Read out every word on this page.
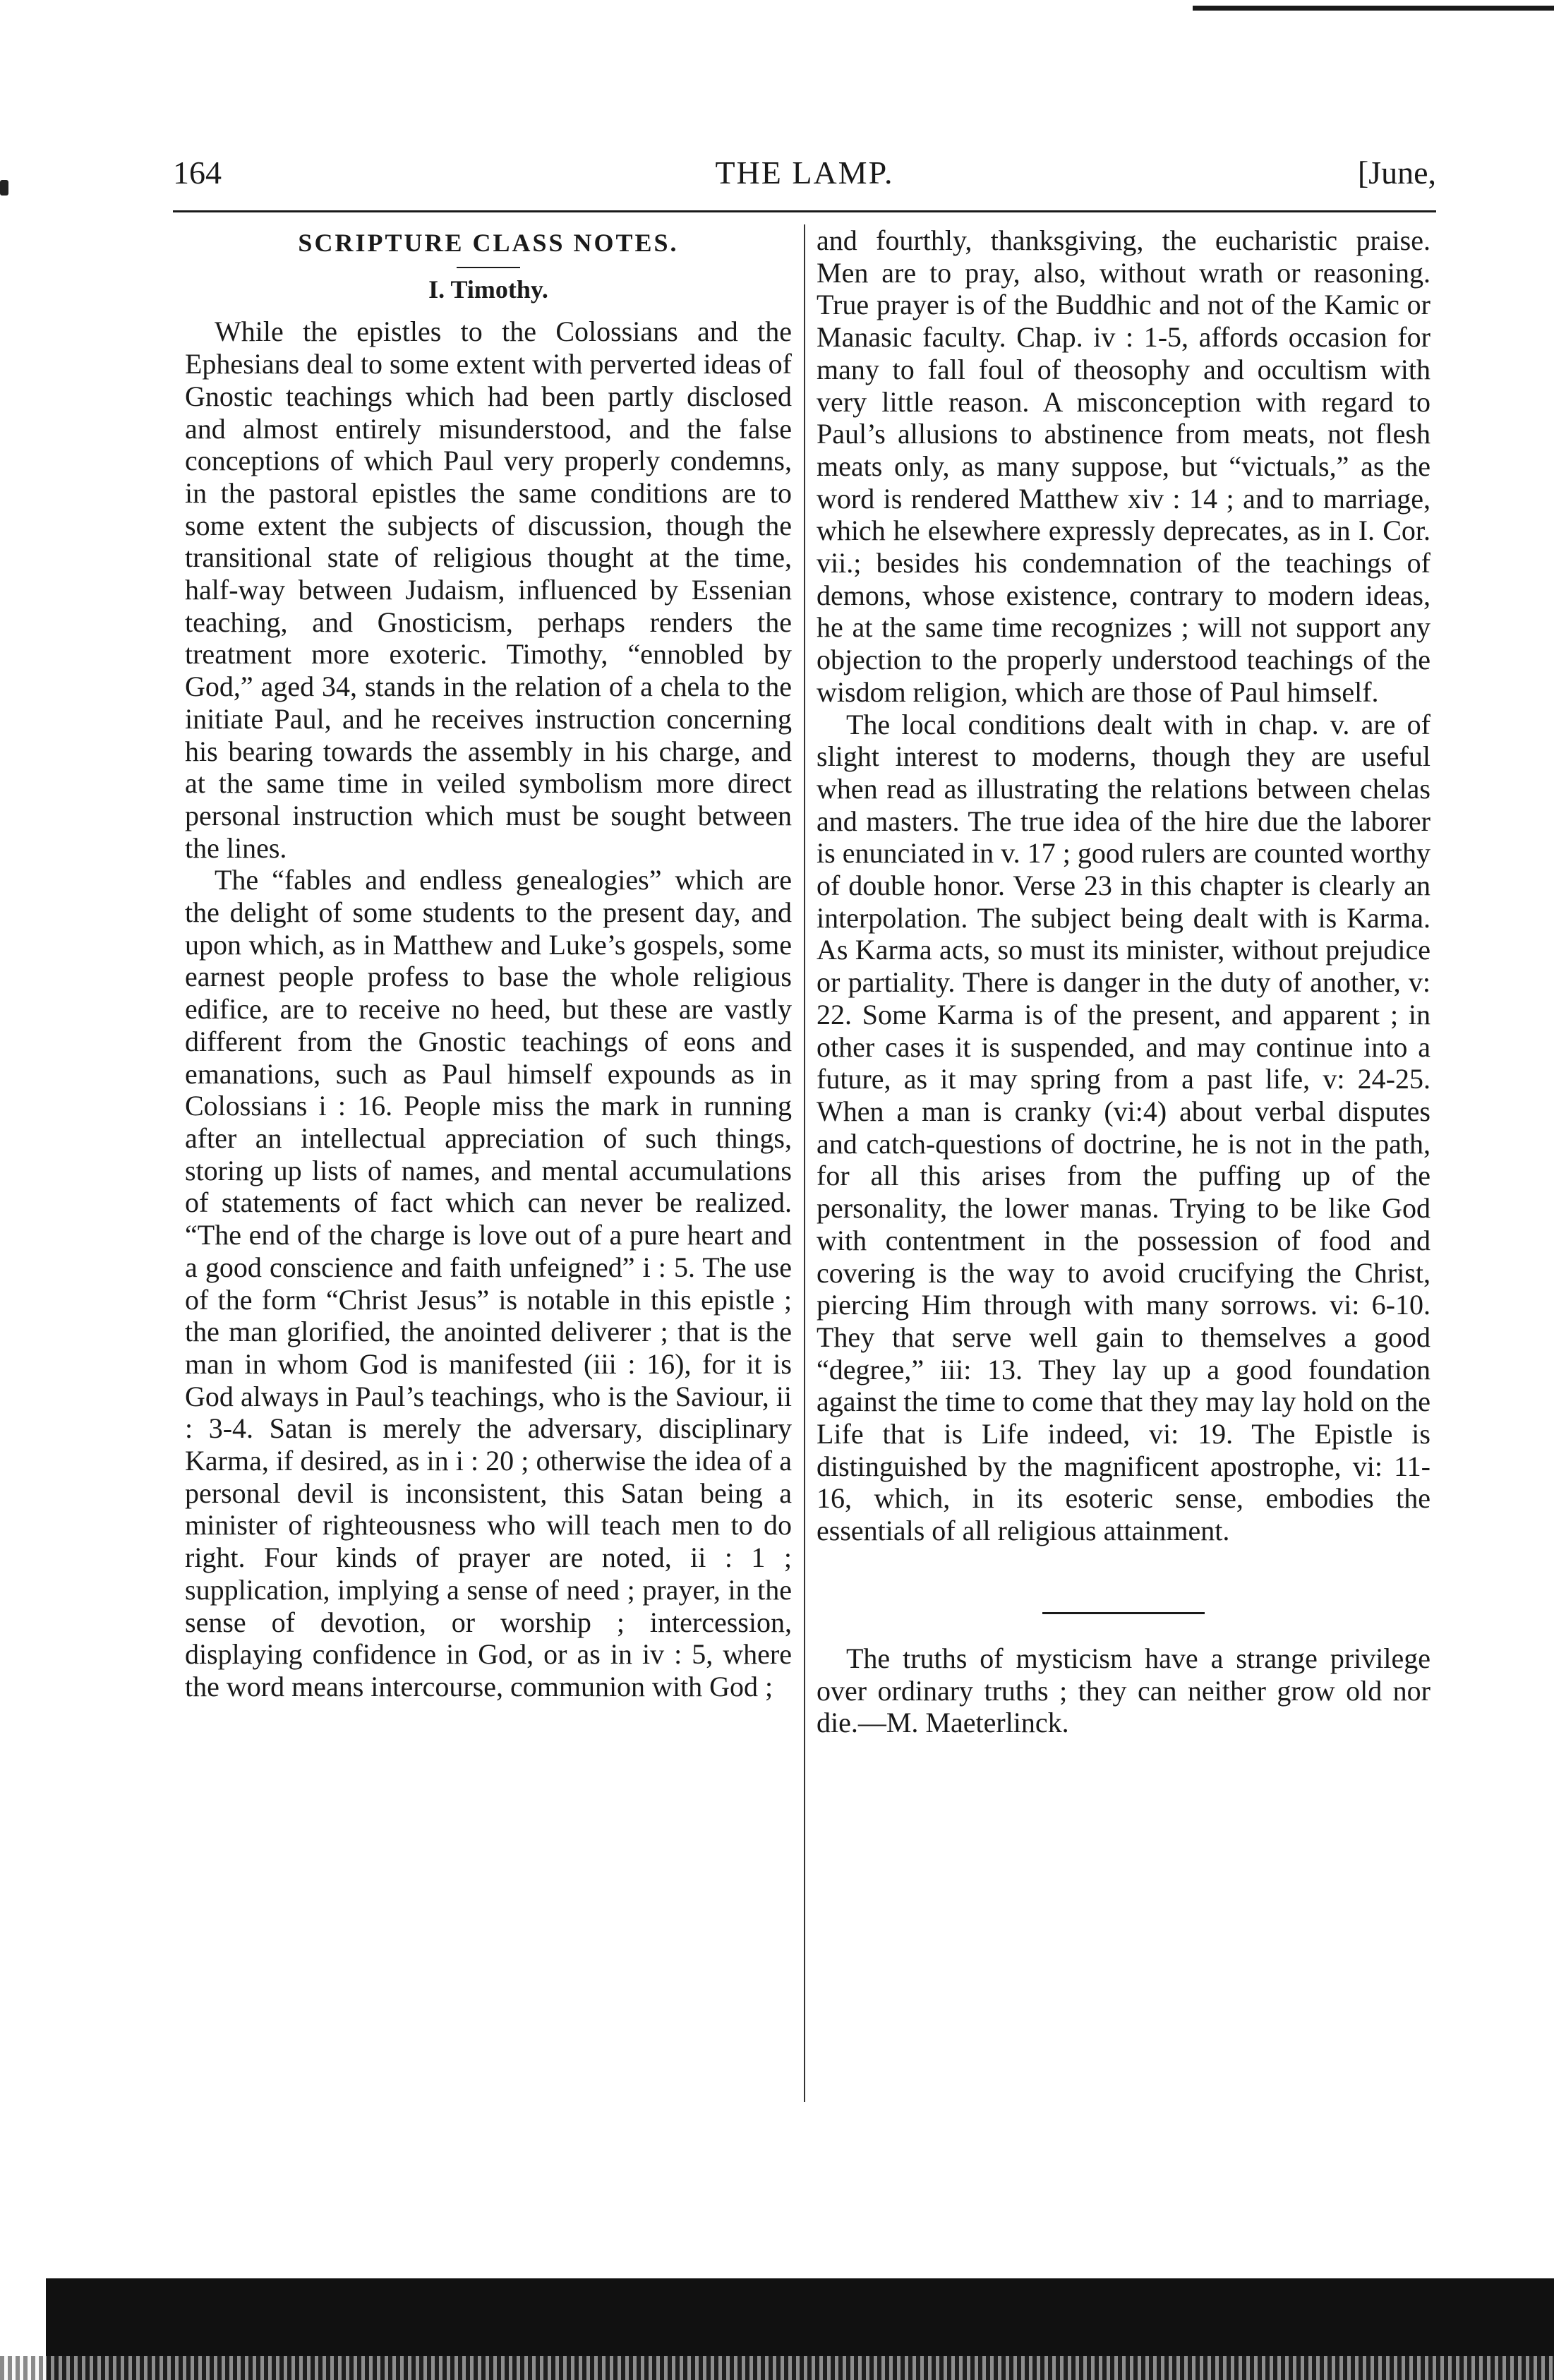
164	THE LAMP.	[June,
SCRIPTURE CLASS NOTES.
I. Timothy.

While the epistles to the Colossians and the Ephesians deal to some extent with perverted ideas of Gnostic teachings which had been partly disclosed and almost entirely misunderstood, and the false conceptions of which Paul very properly condemns, in the pastoral epistles the same conditions are to some extent the subjects of discussion, though the transitional state of religious thought at the time, half-way between Judaism, influenced by Essenian teaching, and Gnosticism, perhaps renders the treatment more exoteric. Timothy, “ennobled by God,” aged 34, stands in the relation of a chela to the initiate Paul, and he receives instruction concerning his bearing towards the assembly in his charge, and at the same time in veiled symbolism more direct personal instruction which must be sought between the lines.

The “fables and endless genealogies” which are the delight of some students to the present day, and upon which, as in Matthew and Luke’s gospels, some earnest people profess to base the whole religious edifice, are to receive no heed, but these are vastly different from the Gnostic teachings of eons and emanations, such as Paul himself expounds as in Colossians i : 16. People miss the mark in running after an intellectual appreciation of such things, storing up lists of names, and mental accumulations of statements of fact which can never be realized. “The end of the charge is love out of a pure heart and a good conscience and faith unfeigned” i : 5. The use of the form “Christ Jesus” is notable in this epistle ; the man glorified, the anointed deliverer ; that is the man in whom God is manifested (iii : 16), for it is God always in Paul’s teachings, who is the Saviour, ii : 3-4. Satan is merely the adversary, disciplinary Karma, if desired, as in i : 20 ; otherwise the idea of a personal devil is inconsistent, this Satan being a minister of righteousness who will teach men to do right. Four kinds of prayer are noted, ii : 1 ; supplication, implying a sense of need ; prayer, in the sense of devotion, or worship ; intercession, displaying confidence in God, or as in iv : 5, where the word means intercourse, communion with God ;

and fourthly, thanksgiving, the eucharistic praise. Men are to pray, also, without wrath or reasoning. True prayer is of the Buddhic and not of the Kamic or Manasic faculty. Chap. iv : 1-5, affords occasion for many to fall foul of theosophy and occultism with very little reason. A misconception with regard to Paul’s allusions to abstinence from meats, not flesh meats only, as many suppose, but “victuals,” as the word is rendered Matthew xiv : 14 ; and to marriage, which he elsewhere expressly deprecates, as in I. Cor. vii.; besides his condemnation of the teachings of demons, whose existence, contrary to modern ideas, he at the same time recognizes ; will not support any objection to the properly understood teachings of the wisdom religion, which are those of Paul himself.

The local conditions dealt with in chap. v. are of slight interest to moderns, though they are useful when read as illustrating the relations between chelas and masters. The true idea of the hire due the laborer is enunciated in v. 17 ; good rulers are counted worthy of double honor. Verse 23 in this chapter is clearly an interpolation. The subject being dealt with is Karma. As Karma acts, so must its minister, without prejudice or partiality. There is danger in the duty of another, v: 22. Some Karma is of the present, and apparent ; in other cases it is suspended, and may continue into a future, as it may spring from a past life, v: 24-25. When a man is cranky (vi:4) about verbal disputes and catch-questions of doctrine, he is not in the path, for all this arises from the puffing up of the personality, the lower manas. Trying to be like God with contentment in the possession of food and covering is the way to avoid crucifying the Christ, piercing Him through with many sorrows. vi: 6-10. They that serve well gain to themselves a good “degree,” iii: 13. They lay up a good foundation against the time to come that they may lay hold on the Life that is Life indeed, vi: 19. The Epistle is distinguished by the magnificent apostrophe, vi: 11-16, which, in its esoteric sense, embodies the essentials of all religious attainment.

The truths of mysticism have a strange privilege over ordinary truths ; they can neither grow old nor die.—M. Maeterlinck.
